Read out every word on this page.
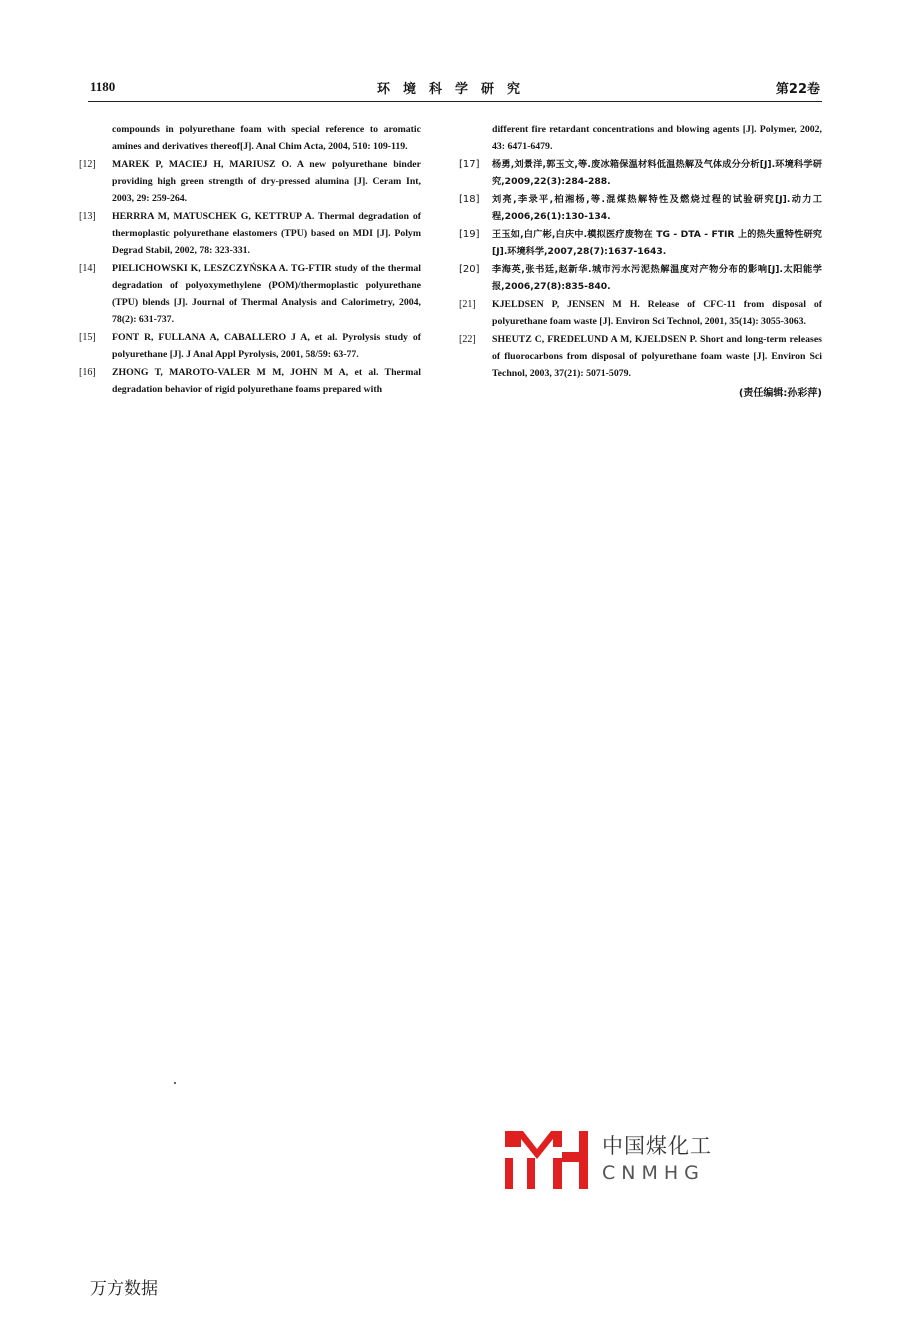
1180	环境科学研究	第22卷
compounds in polyurethane foam with special reference to aromatic amines and derivatives thereof[J]. Anal Chim Acta, 2004, 510: 109-119.
[12] MAREK P, MACIEJ H, MARIUSZ O. A new polyurethane binder providing high green strength of dry-pressed alumina [J]. Ceram Int, 2003, 29: 259-264.
[13] HERRRA M, MATUSCHEK G, KETTRUP A. Thermal degradation of thermoplastic polyurethane elastomers (TPU) based on MDI [J]. Polym Degrad Stabil, 2002, 78: 323-331.
[14] PIELICHOWSKI K, LESZCZYŃSKA A. TG-FTIR study of the thermal degradation of polyoxymethylene (POM)/thermoplastic polyurethane (TPU) blends [J]. Journal of Thermal Analysis and Calorimetry, 2004, 78(2): 631-737.
[15] FONT R, FULLANA A, CABALLERO J A, et al. Pyrolysis study of polyurethane [J]. J Anal Appl Pyrolysis, 2001, 58/59: 63-77.
[16] ZHONG T, MAROTO-VALER M M, JOHN M A, et al. Thermal degradation behavior of rigid polyurethane foams prepared with
different fire retardant concentrations and blowing agents [J]. Polymer, 2002, 43: 6471-6479.
[17] 杨勇,刘景洋,郭玉文,等.废冰箱保温材料低温热解及气体成分分析[J].环境科学研究,2009,22(3):284-288.
[18] 刘亮,李录平,柏湘杨,等.混煤热解特性及燃烧过程的试验研究[J].动力工程,2006,26(1):130-134.
[19] 王玉如,白广彬,白庆中.模拟医疗废物在 TG - DTA - FTIR 上的热失重特性研究[J].环境科学,2007,28(7):1637-1643.
[20] 李海英,张书廷,赵新华.城市污水污泥热解温度对产物分布的影响[J].太阳能学报,2006,27(8):835-840.
[21] KJELDSEN P, JENSEN M H. Release of CFC-11 from disposal of polyurethane foam waste [J]. Environ Sci Technol, 2001, 35(14): 3055-3063.
[22] SHEUTZ C, FREDELUND A M, KJELDSEN P. Short and long-term releases of fluorocarbons from disposal of polyurethane foam waste [J]. Environ Sci Technol, 2003, 37(21): 5071-5079.
(责任编辑:孙彩萍)
中国煤化工
CNMHG
万方数据
